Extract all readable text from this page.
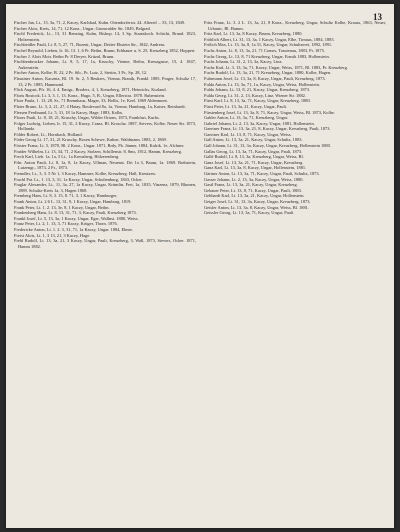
13

Fischer Jan, Lt., 15, 3a, 71, 2, Kaczy, Karlsbad, Kubn. Ottendorferstr. 24. Altered ... 53, 13, 1849.

Fischer Alois, Kreis, 14, 71, 12 Konz., Ungar, Grunwalder Str. 1849, Belgrad.

Fischl Frederick, Lt., 13, 31 Benzing, Kuhn, Bishop. 14, 3 Sp. Staatskoch. Schicht, Brand. 1823, Holzenstein.

Fischbeidler Pauli, Lt. 8, 5, 27, 71, Bozeni, Ungar, Dritter Ebstein Str., 1842, Andreas.

Fischel Reynold, Lieben, Ir. 16, 13. 1, 6 Pr. Beihn, Brunn, Erbhauer u. S. 25, Kreuzberg 1852, Hoppert.

Fischer J. Alois Moir. Beihn Pr. 8 Dreyer, Kritzal, Brunn.

Fischbenbrucker Johann, Lt. 8, 5, 17, 1a, Kruschy, Vienne, Beihn, Kreuzgasse, 15, 4. 1847, Aukenstein.

Fischer Anton, Kolbe, B. 22, 2 Pr. Sib., Pr. Lutz, 2, Stettin, 3 Pr., Sp. 28, 12.

Flausiner Anton, Kacznia, Bl. 19. Sr. 2, 5 Reukers, Vienna, Branik, Frankl. 1885, Prager, Schultz 17, 13, 2 Pr. 1885, Hammond.

Flick August, Pfr. 16, 4. 4. Emigr., Broders, 4, 1, Kreuzberg, 1871, Heinrichs, Kurland.

Floris Rostock, Lt. 3, 3. 1, 13. Konz., Hugo, 5, B., Ungar, Ellerstra. 1878. Rubenstein.

Floor Paula, 1. 13, 28, Sr., 71 Brennhaus, Mager, 33, Hollis, 1e, Keel. 1869 Aldenmont.

Flater Bruno, Lt. 3, 2, 21, 27, 4 Hatay, Boulevard 8a, 1a, Vienne, Hamburg, 1a, Kaiser, Reinhardt.

Flessen Ferdinand, Lt. 5, 31, 18 1a Kaczy, Hage, 1883, Kolbs.

Floors Pauli, Lt. 8, 18, 21, Kruschy, Ungar, Wilder Ortons, 1873, Frankfurt, Kurbs.

Folger Ludwig, Lieben, Ir. 15, 31, 2 Kaczy, Cranz, Bl. Kroscha. 1887, Sievers, Kolbe, Neuer Str. 1873, Hollandz.

Földer Robert, Lt., Hornbach, Holland.

Föder Georg Lt. 17, 31, 21 Kruschy, Rosen Schewe, Kuhne, Waldmann, 1883, 2, 1869.

Förster Franz, Lt. 5, 1870, Bl. 2 Konz., Ungar. 1871, Brdy, Fb. Jänner, 1884, Kulrik. 1e, Alchner.

Fraider Wilhelm, Lt. 13, 34, 71, 2 Kaczy, Stolzen, Schillenstr. 8, 8ms, 1812, Hamm, Kreuzberg.

Frech Karl, Lieb. 1a, 1a, 5 Lt., 1a Kreuzberg, Hölzerenberg.

Frhr. Anton Pauli, Lt. 8, 1a, 8, 1a Kaczy, Ullman, Neuenst. Dri 1a 3, Baum, 1a. 1869. Rothstein, Lutzengr., 1873, 2 Fr., 1873.

Fremdler, Lt., 3, 3. 5 Nr 1, 3 Kaczy, Hammer, Kolbe, Kreuzberg. Hall, Kreutzen.

Frachl Pat. Lt., 1. 13, 3, 31, 1a Kaczy, Ungar, Schultenburg, 1843, Ocker.

Fraglar Alexander, Lt., 11, 3a, 27, 1a Kaczy, Ungar, Krümlin, Frei, 1a, 1835, Vinzenz, 1879, Blumen, 1889. Schultz-Kreis 1a, 3, Hagen 1868.

Fremberg Hans, Lt. 8, 3. 15, 8. 71, 3, 1 Kaczy, Hamburger.

Frank Anton, Lt. 2 6 L. 13, 31, 9, 1 Kaczy, Ungar, Hamburg, 1819.

Frank Peter, Lt. 1. 2. 13, 3e, 8, 1 Kaczy, Ungar, Beihn.

Frankenberg Hans, Lt. 8, 13, 31, 71, 3, Kaczy, Pauli, Kreuzberg 1873.

Frankl Josef, Lt. 5, 13, 3a, 1 Kaczy, Ungar, Eger, Wallnst. 1880, Weiss.

Franz Peter, Lt. 2, 1. 13, 3, 71 Kaczy, Krüger, Thorn. 1876.

Fredericke Anton, Lt. 1. 2. 3, 31, 71, 1a Kaczy, Ungar. 1884, Ebner.

Freist Alois, Lt. 1, 3 13, 21, 3 Kaczy, Hage.

Frehl Rudolf, Lt. 13, 3a, 21, 3 Kaczy, Ungar, Pauli, Kreuzberg, 3, Wall, 1873, Sievers, Ocker. 1871, Hamm 1882.

Fritz Franz, Lt. 3. 2 L. 13, 3a, 21, 8 Konz., Kreuzberg, Ungar, Schultz Kolbe, Krauss, 1863, Neuer, Urbanic, Bl. Hamm.

Fritz Karl, Lt. 13, 3a, 8 Kaczy, Brunn, Kreuzberg, 1880.

Fröhlich Albert, Lt. 31, 13, 3a, 1 Kaczy, Ungar, Elbe, Tirnaus, 1884, 1885.

Frölich Max, Lt. 13, 3a, 8, 1a 31, Kaczy, Ungar, Schultzerei, 1892, 1891.

Fuchs Anton, Lt. 8, 13, 3a, 21, 71 Comes, Trautenau, 1883, Pr. 1875.

Fuchs Georg, Lt. 13, 8, 71 Kreuzberg, Ungar, Ernsth 1883, Hollenstein.

Fuchs Johann, Lt. 31, 2, 13, 3a, Kaczy, Linz.

Fuchs Karl, Lt. 3. 13, 3a, 71, Kaczy, Ungar, Weiss, 1871, Bl. 1883, Pr. Kreuzberg.

Fuchs Rudolf, Lt. 13, 3a, 21, 71 Kreuzberg, Ungar, 1880, Kolbe, Hagen.

Fuhrmann Josef, Lt. 13, 3a, 8, Kaczy, Ungar, Pauli, Kreuzberg, 1873.

Fulda Anton, Lt. 13, 3a, 71, 1a, Kaczy, Ungar, Weiss, Hollenstein.

Fulda Johann, Lt. 13, 8, 21, Kaczy, Ungar, Kreuzberg, 1873.

Fulda Georg, Lt. 31, 2, 13, Kaczy, Linz, Wiener Str. 1882.

Fürst Karl, Lt. 8, 13, 3a, 71, Kaczy, Ungar, Kreuzberg, 1880.

Fürst Peter, Lt. 13, 3a, 21, Kaczy, Ungar, Pauli.

Fürstenberg Josef, Lt. 13, 3a, 8, 71, Kaczy, Ungar, Weiss, Bl. 1873, Kolbe.

Gabler Anton, Lt. 13, 3a, 71, Kreuzberg, Ungar.

Gabriel Johann, Lt. 2, 13, 3a, Kaczy, Ungar, 1881, Hollenstein.

Gaertner Franz, Lt. 13, 3a, 21, 8, Kaczy, Ungar, Kreuzberg, Pauli, 1873.

Gaertner Karl, Lt. 13, 8, 71, Kaczy, Ungar, Weiss.

Gall Anton, Lt. 13, 3a, 21, Kaczy, Ungar, Schultz, 1883.

Gall Johann, Lt. 31, 13, 3a, Kaczy, Ungar, Kreuzberg, Hollenstein 1880.

Gallas Georg, Lt. 13, 3a, 71, Kaczy, Ungar, Pauli, 1873.

Gallé Rudolf, Lt. 8, 13, 3a, Kreuzberg, Ungar, Weiss, Bl.

Ganz Josef, Lt. 13, 3a, 21, 71, Kaczy, Ungar, Kreuzberg.

Ganz Karl, Lt. 13, 3a, 8, Kaczy, Ungar, Hollenstein, 1881.

Gärtner Anton, Lt. 13, 3a, 71, Kaczy, Ungar, Pauli, Schultz, 1873.

Gasser Johann, Lt. 2, 13, 3a, Kaczy, Ungar, Weiss, 1880.

Gastl Franz, Lt. 13, 3a, 21, Kaczy, Ungar, Kreuzberg.

Gebauer Peter, Lt. 13, 8, 71, Kaczy, Ungar, Pauli, 1883.

Gebhardt Karl, Lt. 13, 3a, 21, Kaczy, Ungar, Hollenstein.

Geiger Josef, Lt. 31, 13, 3a, Kaczy, Ungar, Kreuzberg, 1873.

Geisler Anton, Lt. 13, 3a, 8, Kaczy, Ungar, Weiss, Bl. 1881.

Geissler Georg, Lt. 13, 3a, 71, Kaczy, Ungar, Pauli.
